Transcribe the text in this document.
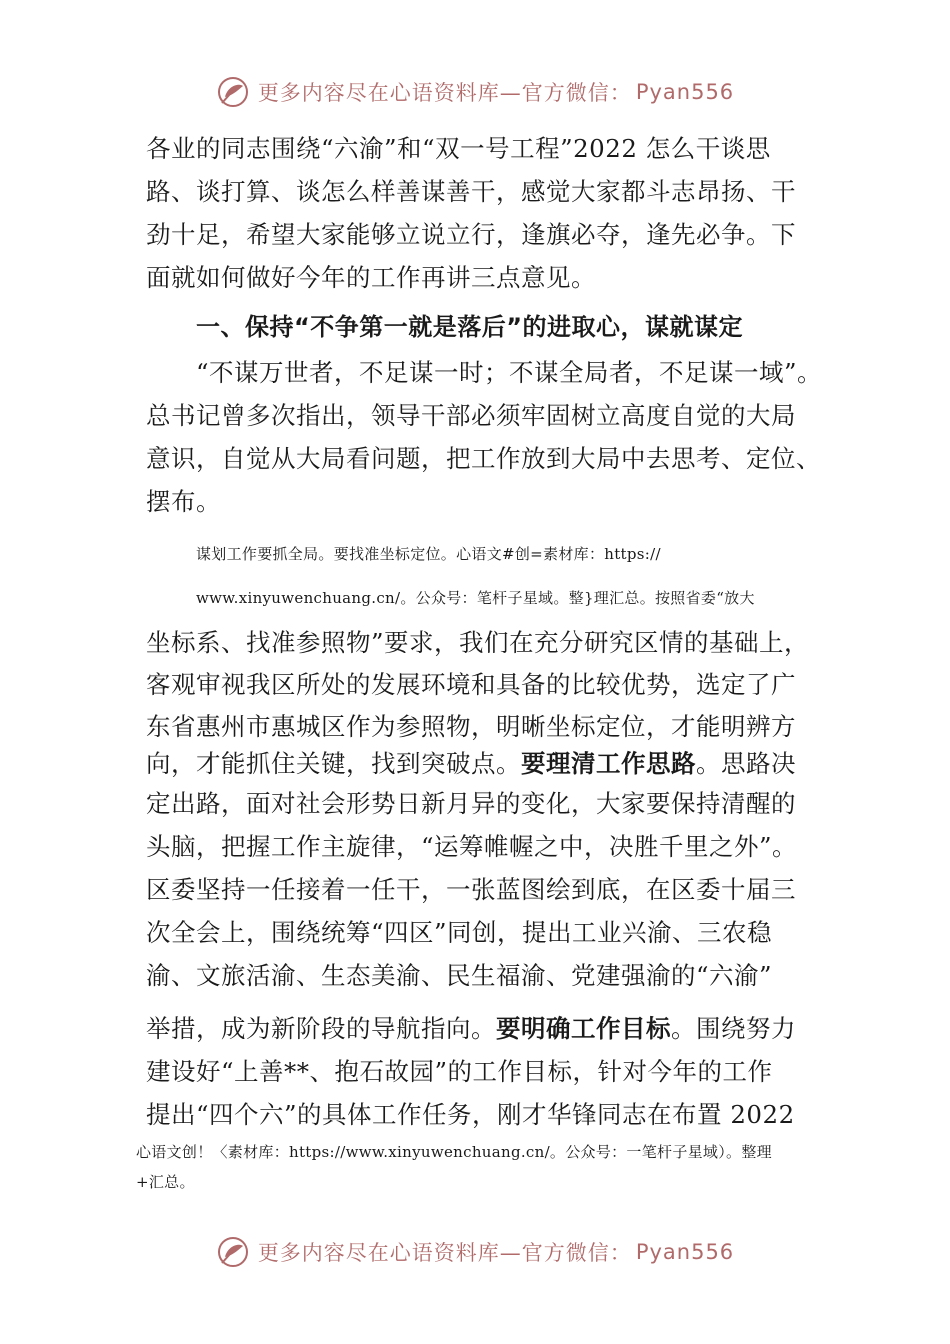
更多内容尽在心语资料库—官方微信： Pyan556
各业的同志围绕“六渝”和“双一号工程”2022 怎么干谈思
路、谈打算、谈怎么样善谋善干，感觉大家都斗志昂扬、干
劲十足，希望大家能够立说立行，逢旗必夺，逢先必争。下
面就如何做好今年的工作再讲三点意见。
一、保持“不争第一就是落后”的进取心，谋就谋定
“不谋万世者，不足谋一时；不谋全局者，不足谋一域”。
总书记曾多次指出，领导干部必须牢固树立高度自觉的大局
意识，自觉从大局看问题，把工作放到大局中去思考、定位、
摆布。
谋划工作要抓全局。要找准坐标定位。心语文#创=素材库：https://
www.xinyuwenchuang.cn/。公众号：笔杆子星域。整}理汇总。按照省委“放大
坐标系、找准参照物”要求，我们在充分研究区情的基础上，
客观审视我区所处的发展环境和具备的比较优势，选定了广
东省惠州市惠城区作为参照物，明晰坐标定位，才能明辨方
向，才能抓住关键，找到突破点。要理清工作思路。思路决
定出路，面对社会形势日新月异的变化，大家要保持清醒的
头脑，把握工作主旋律，“运筹帷幄之中，决胜千里之外”。
区委坚持一任接着一任干，一张蓝图绘到底，在区委十届三
次全会上，围绕统筹“四区”同创，提出工业兴渝、三农稳
渝、文旅活渝、生态美渝、民生福渝、党建强渝的“六渝”
举措，成为新阶段的导航指向。要明确工作目标。围绕努力
建设好“上善**、抱石故园”的工作目标，针对今年的工作
提出“四个六”的具体工作任务，刚才华锋同志在布置 2022
心语文创！〈素材库：https://www.xinyuwenchuang.cn/。公众号：一笔杆子星域）。整理
+汇总。
更多内容尽在心语资料库—官方微信： Pyan556
